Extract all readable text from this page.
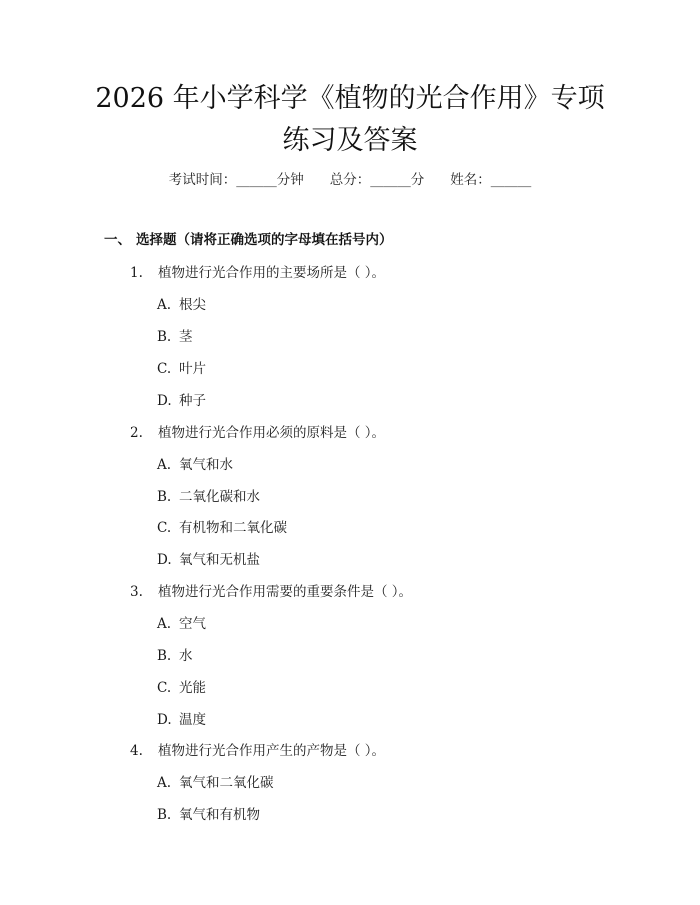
2026 年小学科学《植物的光合作用》专项练习及答案
考试时间：______分钟 总分：______分 姓名：______
一、 选择题（请将正确选项的字母填在括号内）
1. 植物进行光合作用的主要场所是（ ）。
A. 根尖
B. 茎
C. 叶片
D. 种子
2. 植物进行光合作用必须的原料是（ ）。
A. 氧气和水
B. 二氧化碳和水
C. 有机物和二氧化碳
D. 氧气和无机盐
3. 植物进行光合作用需要的重要条件是（ ）。
A. 空气
B. 水
C. 光能
D. 温度
4. 植物进行光合作用产生的产物是（ ）。
A. 氧气和二氧化碳
B. 氧气和有机物
